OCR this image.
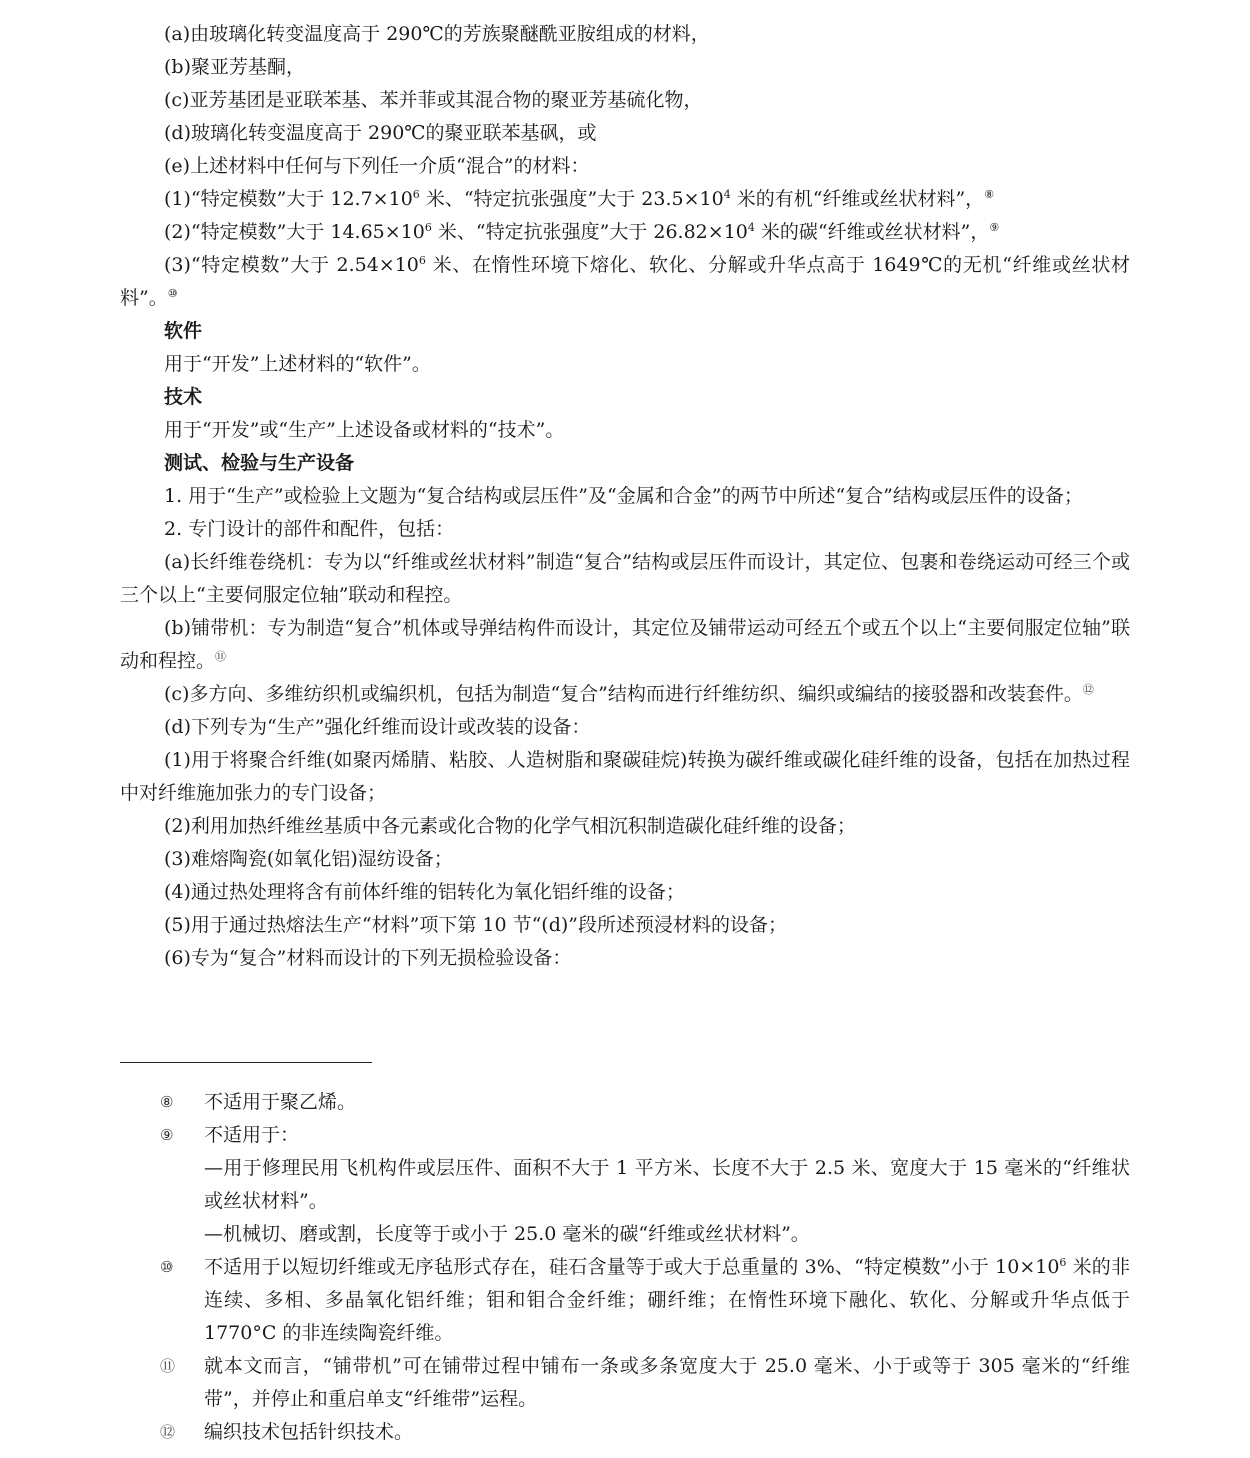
(a)由玻璃化转变温度高于 290℃的芳族聚醚酰亚胺组成的材料，

(b)聚亚芳基酮，

(c)亚芳基团是亚联苯基、苯并菲或其混合物的聚亚芳基硫化物，

(d)玻璃化转变温度高于 290℃的聚亚联苯基砜，或

(e)上述材料中任何与下列任一介质“混合”的材料：

(1)“特定模数”大于 $12.7\times 10^6$ 米、“特定抗张强度”大于 $23.5\times 10^4$ 米的有机“纤维或丝状材料”，⑧

(2)“特定模数”大于 $14.65\times 10^6$ 米、“特定抗张强度”大于 $26.82\times 10^4$ 米的碳“纤维或丝状材料”，⑨

(3)“特定模数”大于 $2.54\times 10^6$ 米、在惰性环境下熔化、软化、分解或升华点高于 1649℃的无机“纤维或丝状材料”。⑩

软件

用于“开发”上述材料的“软件”。

技术

用于“开发”或“生产”上述设备或材料的“技术”。

测试、检验与生产设备

1. 用于“生产”或检验上文题为“复合结构或层压件”及“金属和合金”的两节中所述“复合”结构或层压件的设备；

2. 专门设计的部件和配件，包括：

(a)长纤维卷绕机：专为以“纤维或丝状材料”制造“复合”结构或层压件而设计，其定位、包裹和卷绕运动可经三个或三个以上“主要伺服定位轴”联动和程控。

(b)铺带机：专为制造“复合”机体或导弹结构件而设计，其定位及铺带运动可经五个或五个以上“主要伺服定位轴”联动和程控。⑪

(c)多方向、多维纺织机或编织机，包括为制造“复合”结构而进行纤维纺织、编织或编结的接驳器和改装套件。⑫

(d)下列专为“生产”强化纤维而设计或改装的设备：

(1)用于将聚合纤维(如聚丙烯腈、粘胶、人造树脂和聚碳硅烷)转换为碳纤维或碳化硅纤维的设备，包括在加热过程中对纤维施加张力的专门设备；

(2)利用加热纤维丝基质中各元素或化合物的化学气相沉积制造碳化硅纤维的设备；

(3)难熔陶瓷(如氧化铝)湿纺设备；

(4)通过热处理将含有前体纤维的铝转化为氧化铝纤维的设备；

(5)用于通过热熔法生产“材料”项下第 10 节“(d)”段所述预浸材料的设备；

(6)专为“复合”材料而设计的下列无损检验设备：

⑧	不适用于聚乙烯。
⑨	不适用于：
—用于修理民用飞机构件或层压件、面积不大于 1 平方米、长度不大于 2.5 米、宽度大于 15 毫米的“纤维状或丝状材料”。
—机械切、磨或割，长度等于或小于 25.0 毫米的碳“纤维或丝状材料”。
⑩	不适用于以短切纤维或无序毡形式存在，硅石含量等于或大于总重量的 3%、“特定模数”小于 $10\times 10^6$ 米的非连续、多相、多晶氧化铝纤维；钼和钼合金纤维；硼纤维；在惰性环境下融化、软化、分解或升华点低于 1770°C 的非连续陶瓷纤维。
⑪	就本文而言，“铺带机”可在铺带过程中铺布一条或多条宽度大于 25.0 毫米、小于或等于 305 毫米的“纤维带”，并停止和重启单支“纤维带”运程。
⑫	编织技术包括针织技术。
